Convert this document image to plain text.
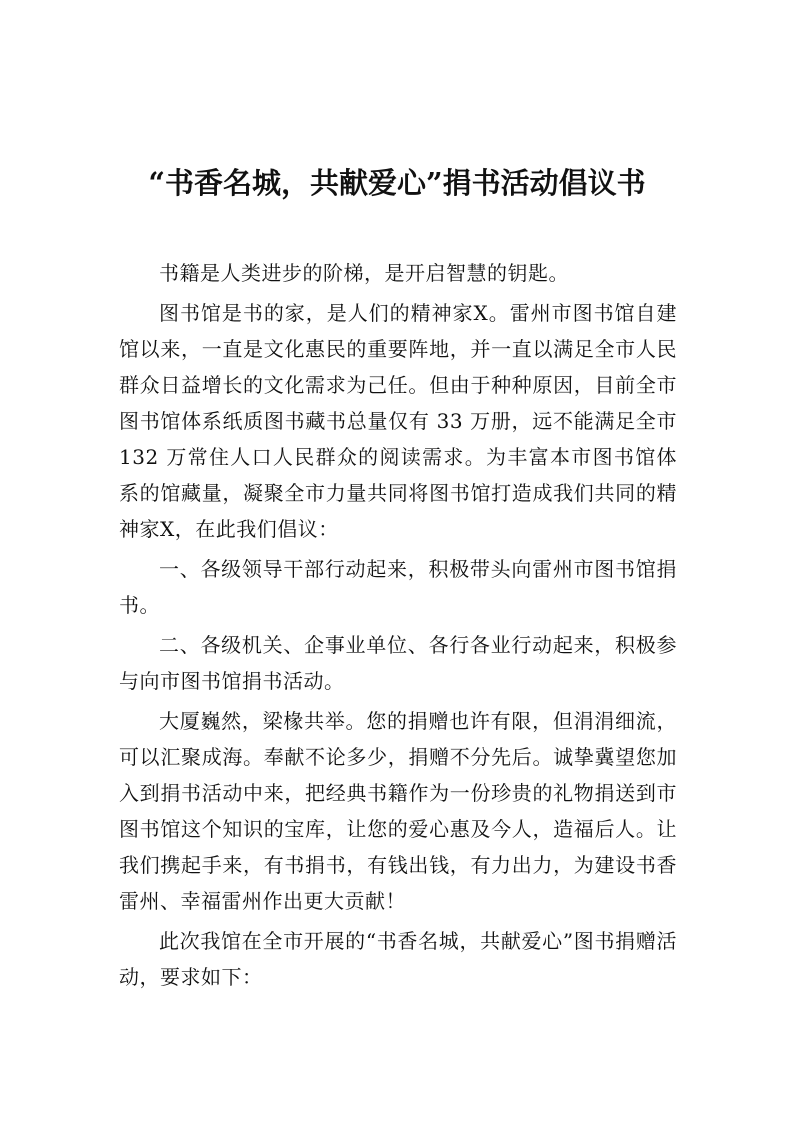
“书香名城，共献爱心”捐书活动倡议书

书籍是人类进步的阶梯，是开启智慧的钥匙。

图书馆是书的家，是人们的精神家X。雷州市图书馆自建馆以来，一直是文化惠民的重要阵地，并一直以满足全市人民群众日益增长的文化需求为己任。但由于种种原因，目前全市图书馆体系纸质图书藏书总量仅有 33 万册，远不能满足全市 132 万常住人口人民群众的阅读需求。为丰富本市图书馆体系的馆藏量，凝聚全市力量共同将图书馆打造成我们共同的精神家X，在此我们倡议：

一、各级领导干部行动起来，积极带头向雷州市图书馆捐书。

二、各级机关、企事业单位、各行各业行动起来，积极参与向市图书馆捐书活动。

大厦巍然，梁椽共举。您的捐赠也许有限，但涓涓细流，可以汇聚成海。奉献不论多少，捐赠不分先后。诚挚冀望您加入到捐书活动中来，把经典书籍作为一份珍贵的礼物捐送到市图书馆这个知识的宝库，让您的爱心惠及今人，造福后人。让我们携起手来，有书捐书，有钱出钱，有力出力，为建设书香雷州、幸福雷州作出更大贡献！

此次我馆在全市开展的“书香名城，共献爱心”图书捐赠活动，要求如下：
